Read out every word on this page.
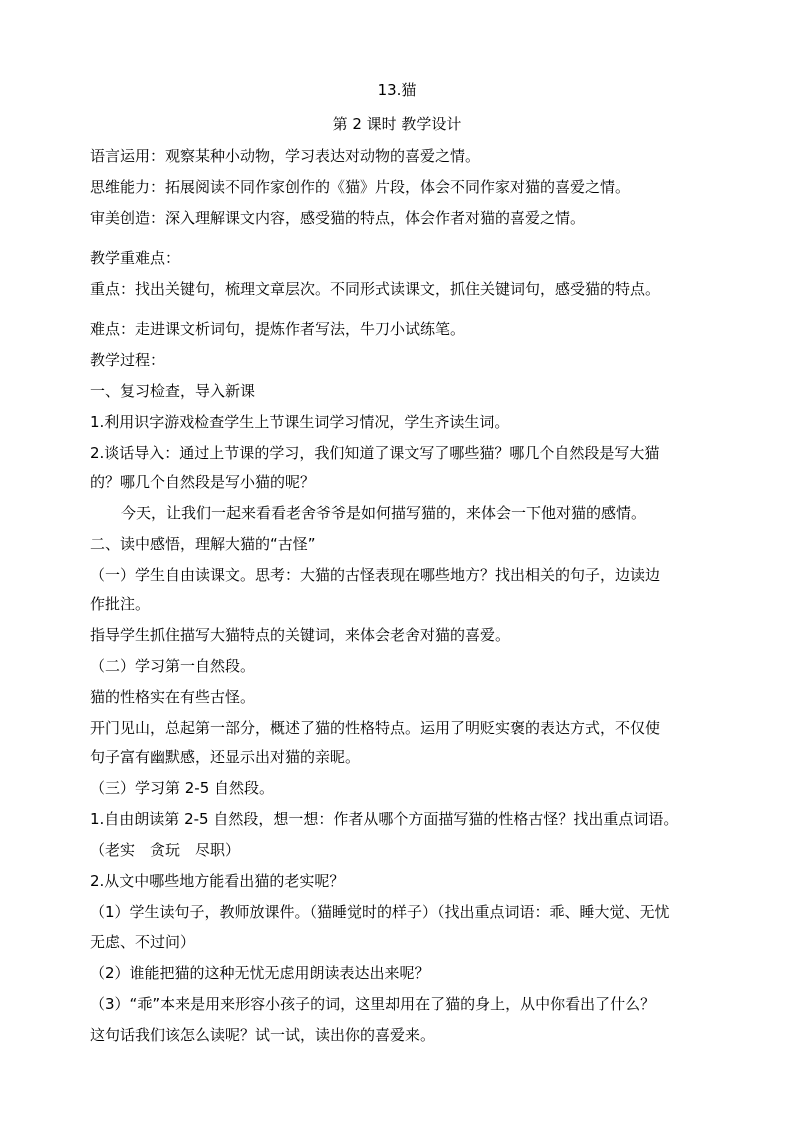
13.猫
第 2 课时 教学设计
语言运用：观察某种小动物，学习表达对动物的喜爱之情。
思维能力：拓展阅读不同作家创作的《猫》片段，体会不同作家对猫的喜爱之情。
审美创造：深入理解课文内容，感受猫的特点，体会作者对猫的喜爱之情。
教学重难点：
重点：找出关键句，梳理文章层次。不同形式读课文，抓住关键词句，感受猫的特点。
难点：走进课文析词句，提炼作者写法，牛刀小试练笔。
教学过程：
一、复习检查，导入新课
1.利用识字游戏检查学生上节课生词学习情况，学生齐读生词。
2.谈话导入：通过上节课的学习，我们知道了课文写了哪些猫？哪几个自然段是写大猫
的？哪几个自然段是写小猫的呢？
今天，让我们一起来看看老舍爷爷是如何描写猫的，来体会一下他对猫的感情。
二、读中感悟，理解大猫的“古怪”
（一）学生自由读课文。思考：大猫的古怪表现在哪些地方？找出相关的句子，边读边
作批注。
指导学生抓住描写大猫特点的关键词，来体会老舍对猫的喜爱。
（二）学习第一自然段。
猫的性格实在有些古怪。
开门见山，总起第一部分，概述了猫的性格特点。运用了明贬实褒的表达方式，不仅使
句子富有幽默感，还显示出对猫的亲昵。
（三）学习第 2-5 自然段。
1.自由朗读第 2-5 自然段，想一想：作者从哪个方面描写猫的性格古怪？找出重点词语。
（老实　贪玩　尽职）
2.从文中哪些地方能看出猫的老实呢？
（1）学生读句子，教师放课件。（猫睡觉时的样子）（找出重点词语：乖、睡大觉、无忧
无虑、不过问）
（2）谁能把猫的这种无忧无虑用朗读表达出来呢？
（3）“乖”本来是用来形容小孩子的词，这里却用在了猫的身上，从中你看出了什么？
这句话我们该怎么读呢？试一试，读出你的喜爱来。
